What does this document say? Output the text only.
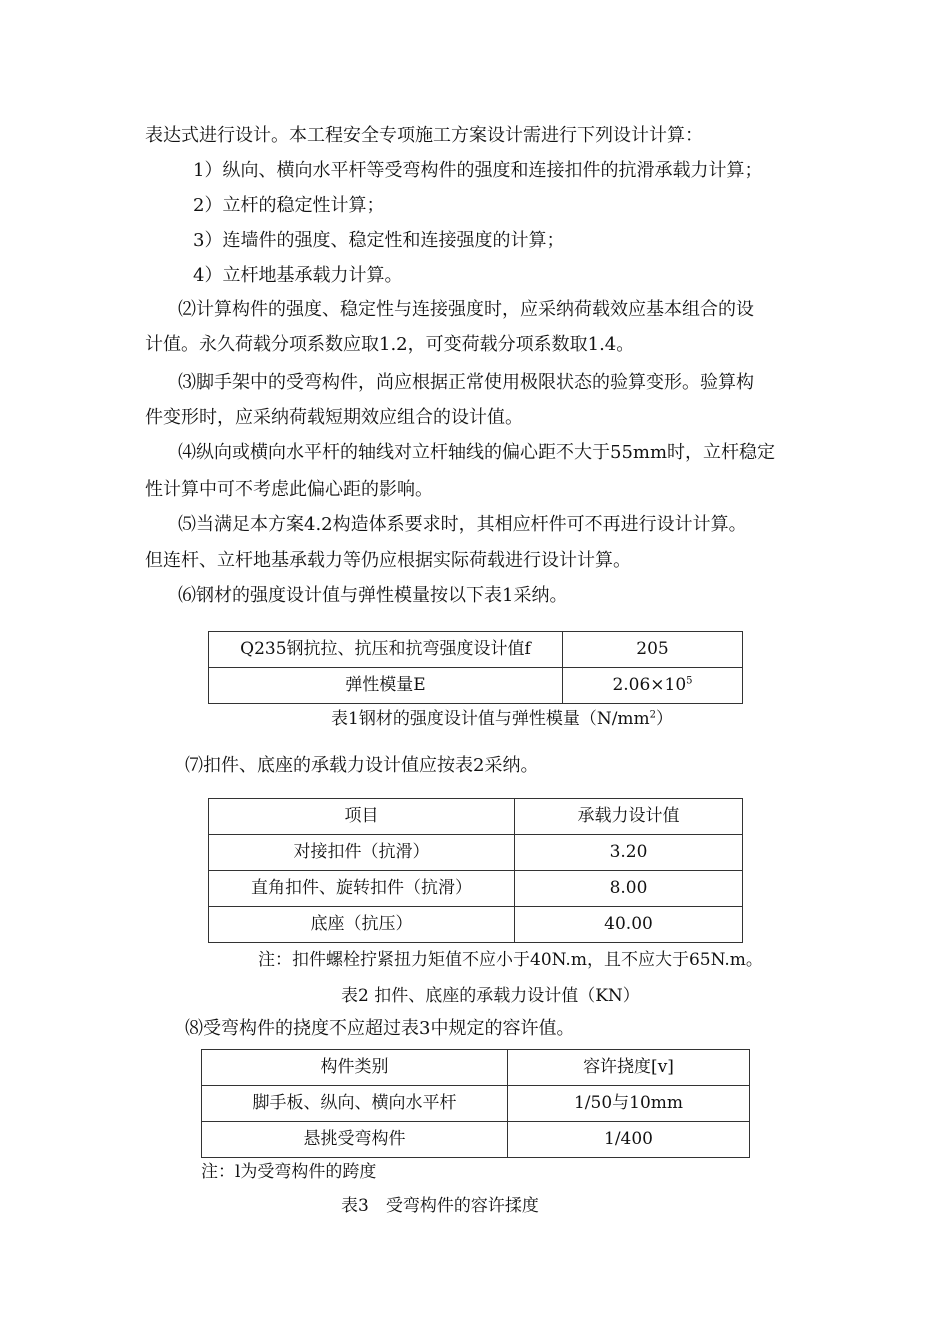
表达式进行设计。本工程安全专项施工方案设计需进行下列设计计算：
1）纵向、横向水平杆等受弯构件的强度和连接扣件的抗滑承载力计算；
2）立杆的稳定性计算；
3）连墙件的强度、稳定性和连接强度的计算；
4）立杆地基承载力计算。
⑵计算构件的强度、稳定性与连接强度时，应采纳荷载效应基本组合的设
计值。永久荷载分项系数应取1.2，可变荷载分项系数取1.4。
⑶脚手架中的受弯构件，尚应根据正常使用极限状态的验算变形。验算构
件变形时，应采纳荷载短期效应组合的设计值。
⑷纵向或横向水平杆的轴线对立杆轴线的偏心距不大于55mm时，立杆稳定
性计算中可不考虑此偏心距的影响。
⑸当满足本方案4.2构造体系要求时，其相应杆件可不再进行设计计算。
但连杆、立杆地基承载力等仍应根据实际荷载进行设计计算。
⑹钢材的强度设计值与弹性模量按以下表1采纳。
Q235钢抗拉、抗压和抗弯强度设计值f	205
弹性模量E	$2.06\times 10^5$
表1钢材的强度设计值与弹性模量$(N/mm^2)$
⑺扣件、底座的承载力设计值应按表2采纳。
项目	承载力设计值
对接扣件（抗滑）	3.20
直角扣件、旋转扣件（抗滑）	8.00
底座（抗压）	40.00
注：扣件螺栓拧紧扭力矩值不应小于40N.m，且不应大于65N.m。
表2 扣件、底座的承载力设计值（KN）
⑻受弯构件的挠度不应超过表3中规定的容许值。
构件类别	容许挠度[v]
脚手板、纵向、横向水平杆	1/50与10mm
悬挑受弯构件	1/400
注：l为受弯构件的跨度
表3　受弯构件的容许揉度
